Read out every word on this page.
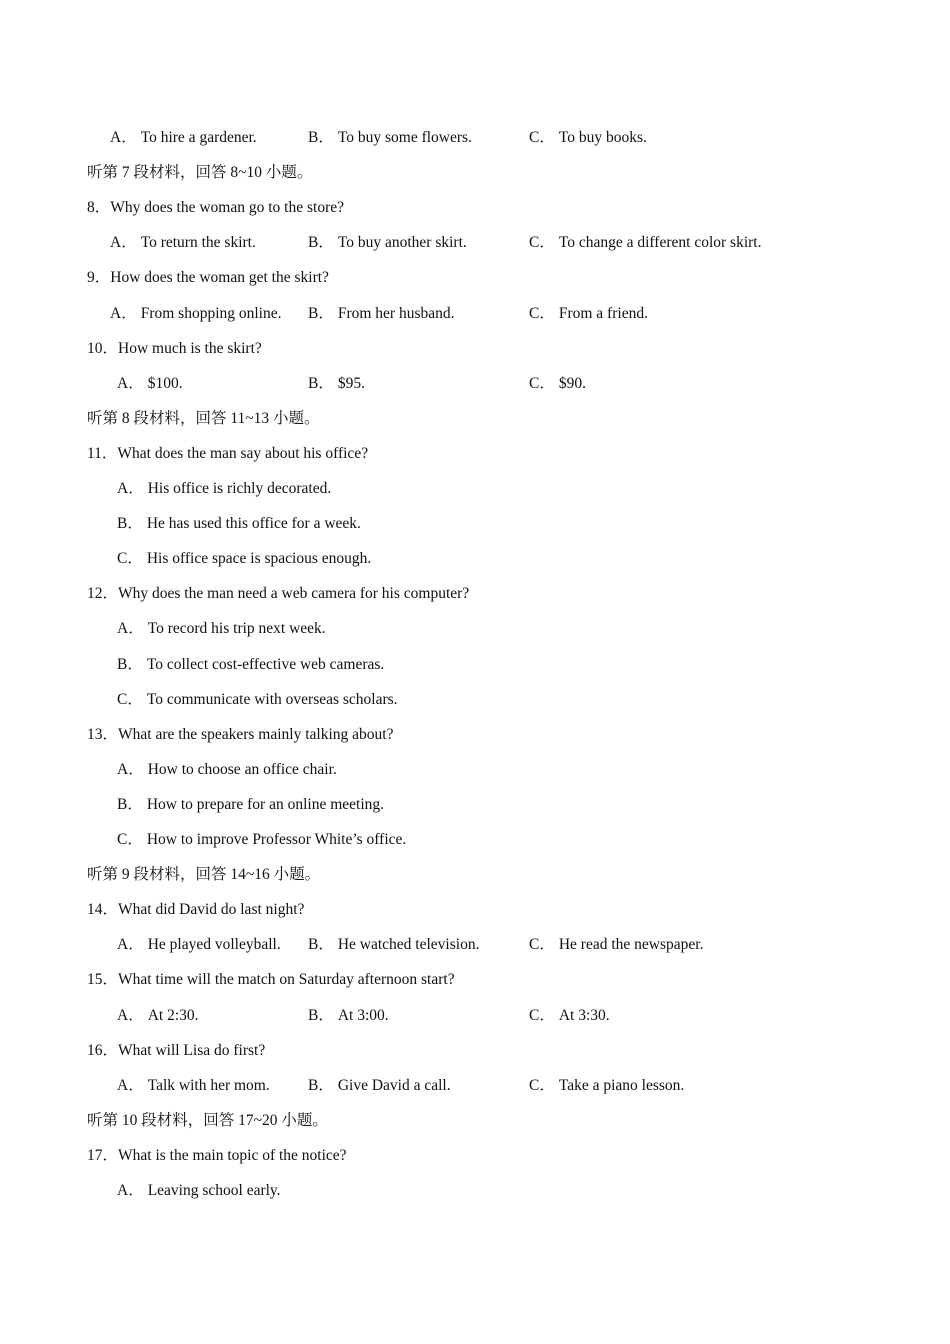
A． To hire a gardener.	B． To buy some flowers.	C． To buy books.
听第 7 段材料，回答 8~10 小题。
8．Why does the woman go to the store?
A． To return the skirt.	B． To buy another skirt.	C． To change a different color skirt.
9．How does the woman get the skirt?
A． From shopping online. B． From her husband.	C． From a friend.
10．How much is the skirt?
A． $100.	B． $95.	C． $90.
听第 8 段材料，回答 11~13 小题。
11．What does the man say about his office?
A． His office is richly decorated.
B． He has used this office for a week.
C． His office space is spacious enough.
12．Why does the man need a web camera for his computer?
A． To record his trip next week.
B． To collect cost-effective web cameras.
C． To communicate with overseas scholars.
13．What are the speakers mainly talking about?
A． How to choose an office chair.
B． How to prepare for an online meeting.
C． How to improve Professor White’s office.
听第 9 段材料，回答 14~16 小题。
14．What did David do last night?
A． He played volleyball. B． He watched television.	C． He read the newspaper.
15．What time will the match on Saturday afternoon start?
A． At 2:30.	B． At 3:00.	C． At 3:30.
16．What will Lisa do first?
A． Talk with her mom. B． Give David a call.	C． Take a piano lesson.
听第 10 段材料，回答 17~20 小题。
17．What is the main topic of the notice?
A． Leaving school early.
